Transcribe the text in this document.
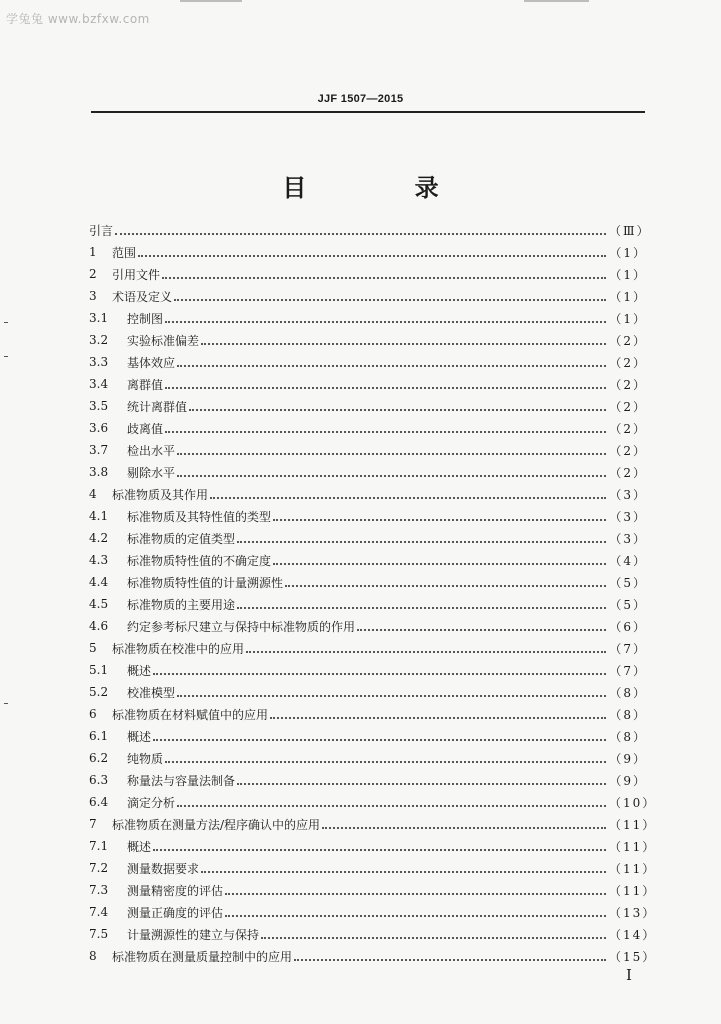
学兔兔 www.bzfxw.com
JJF 1507—2015
目 录
引言	（Ⅲ）
1	范围	（1）
2	引用文件	（1）
3	术语及定义	（1）
3.1	控制图	（1）
3.2	实验标准偏差	（2）
3.3	基体效应	（2）
3.4	离群值	（2）
3.5	统计离群值	（2）
3.6	歧离值	（2）
3.7	检出水平	（2）
3.8	剔除水平	（2）
4	标准物质及其作用	（3）
4.1	标准物质及其特性值的类型	（3）
4.2	标准物质的定值类型	（3）
4.3	标准物质特性值的不确定度	（4）
4.4	标准物质特性值的计量溯源性	（5）
4.5	标准物质的主要用途	（5）
4.6	约定参考标尺建立与保持中标准物质的作用	（6）
5	标准物质在校准中的应用	（7）
5.1	概述	（7）
5.2	校准模型	（8）
6	标准物质在材料赋值中的应用	（8）
6.1	概述	（8）
6.2	纯物质	（9）
6.3	称量法与容量法制备	（9）
6.4	滴定分析	（10）
7	标准物质在测量方法/程序确认中的应用	（11）
7.1	概述	（11）
7.2	测量数据要求	（11）
7.3	测量精密度的评估	（11）
7.4	测量正确度的评估	（13）
7.5	计量溯源性的建立与保持	（14）
8	标准物质在测量质量控制中的应用	（15）
I
